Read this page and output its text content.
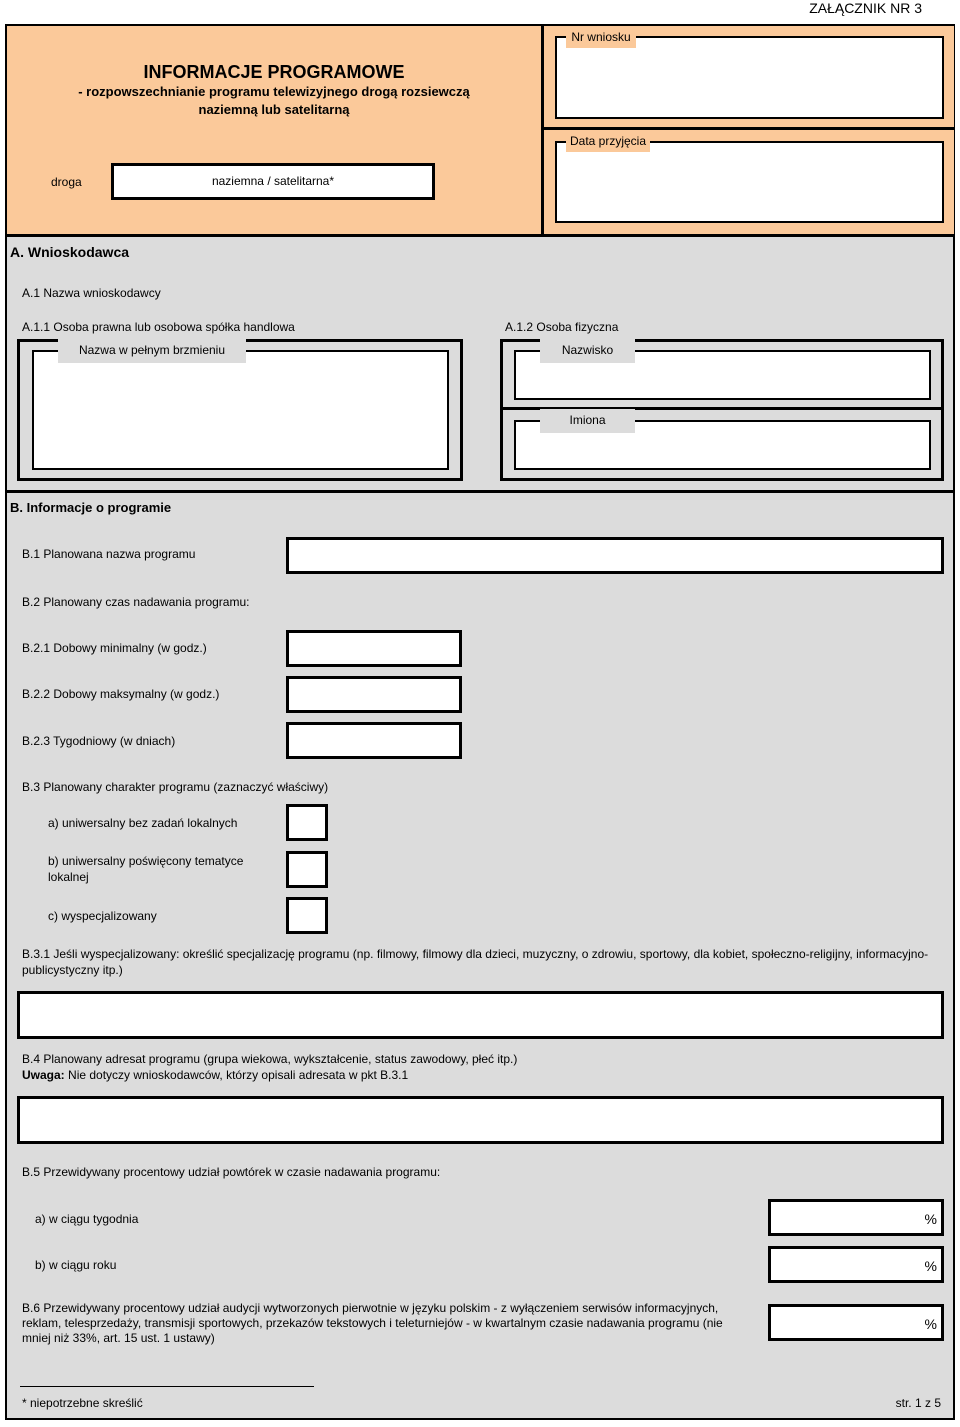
ZAŁĄCZNIK NR 3
INFORMACJE PROGRAMOWE
- rozpowszechnianie programu telewizyjnego drogą rozsiewczą
naziemną lub satelitarną
droga	naziemna / satelitarna*
Nr wniosku
Data przyjęcia
A. Wnioskodawca
A.1 Nazwa wnioskodawcy
A.1.1 Osoba prawna lub osobowa spółka handlowa	A.1.2 Osoba fizyczna
Nazwa w pełnym brzmieniu	Nazwisko
Imiona
B. Informacje o programie
B.1 Planowana nazwa programu
B.2 Planowany czas nadawania programu:
B.2.1 Dobowy minimalny (w godz.)
B.2.2 Dobowy maksymalny (w godz.)
B.2.3 Tygodniowy (w dniach)
B.3 Planowany charakter programu (zaznaczyć właściwy)
a) uniwersalny bez zadań lokalnych
b) uniwersalny poświęcony tematyce
lokalnej
c) wyspecjalizowany
B.3.1 Jeśli wyspecjalizowany: określić specjalizację programu (np. filmowy, filmowy dla dzieci, muzyczny, o zdrowiu, sportowy, dla kobiet, społeczno-religijny, informacyjno-
publicystyczny itp.)
B.4 Planowany adresat programu (grupa wiekowa, wykształcenie, status zawodowy, płeć itp.)
Uwaga: Nie dotyczy wnioskodawców, którzy opisali adresata w pkt B.3.1
B.5 Przewidywany procentowy udział powtórek w czasie nadawania programu:
a) w ciągu tygodnia	%
b) w ciągu roku	%
B.6 Przewidywany procentowy udział audycji wytworzonych pierwotnie w języku polskim - z wyłączeniem serwisów informacyjnych,
reklam, telesprzedaży, transmisji sportowych, przekazów tekstowych i teleturniejów - w kwartalnym czasie nadawania programu (nie
mniej niż 33%, art. 15 ust. 1 ustawy)
%
* niepotrzebne skreślić	str. 1 z 5
